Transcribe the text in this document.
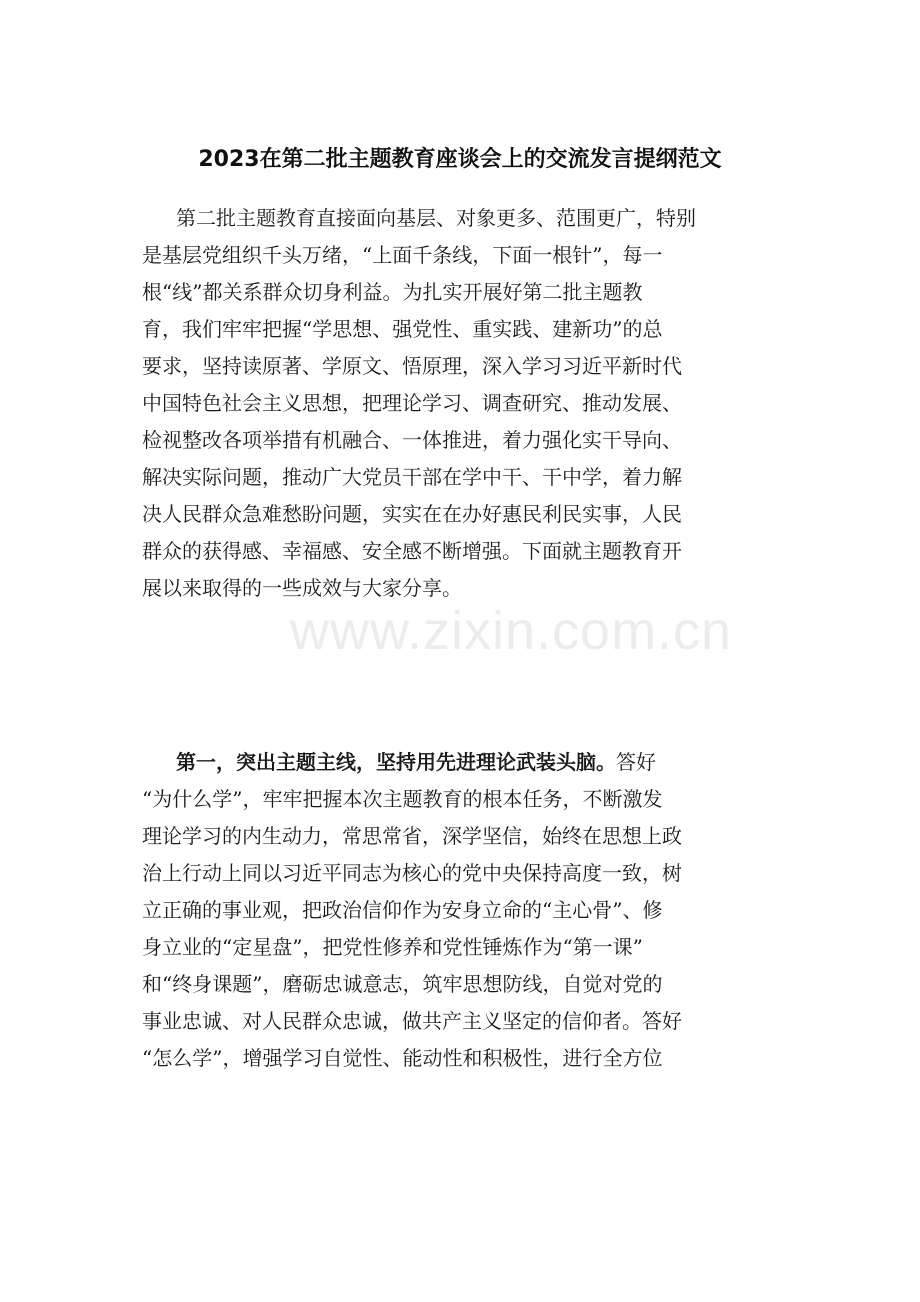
2023在第二批主题教育座谈会上的交流发言提纲范文
第二批主题教育直接面向基层、对象更多、范围更广，特别
是基层党组织千头万绪，“上面千条线，下面一根针”，每一
根“线”都关系群众切身利益。为扎实开展好第二批主题教
育，我们牢牢把握“学思想、强党性、重实践、建新功”的总
要求，坚持读原著、学原文、悟原理，深入学习习近平新时代
中国特色社会主义思想，把理论学习、调查研究、推动发展、
检视整改各项举措有机融合、一体推进，着力强化实干导向、
解决实际问题，推动广大党员干部在学中干、干中学，着力解
决人民群众急难愁盼问题，实实在在办好惠民利民实事，人民
群众的获得感、幸福感、安全感不断增强。下面就主题教育开
展以来取得的一些成效与大家分享。
第一，突出主题主线，坚持用先进理论武装头脑。答好
“为什么学”，牢牢把握本次主题教育的根本任务，不断激发
理论学习的内生动力，常思常省，深学坚信，始终在思想上政
治上行动上同以习近平同志为核心的党中央保持高度一致，树
立正确的事业观，把政治信仰作为安身立命的“主心骨”、修
身立业的“定星盘”，把党性修养和党性锤炼作为“第一课”
和“终身课题”，磨砺忠诚意志，筑牢思想防线，自觉对党的
事业忠诚、对人民群众忠诚，做共产主义坚定的信仰者。答好
“怎么学”，增强学习自觉性、能动性和积极性，进行全方位
www.zixin.com.cn
